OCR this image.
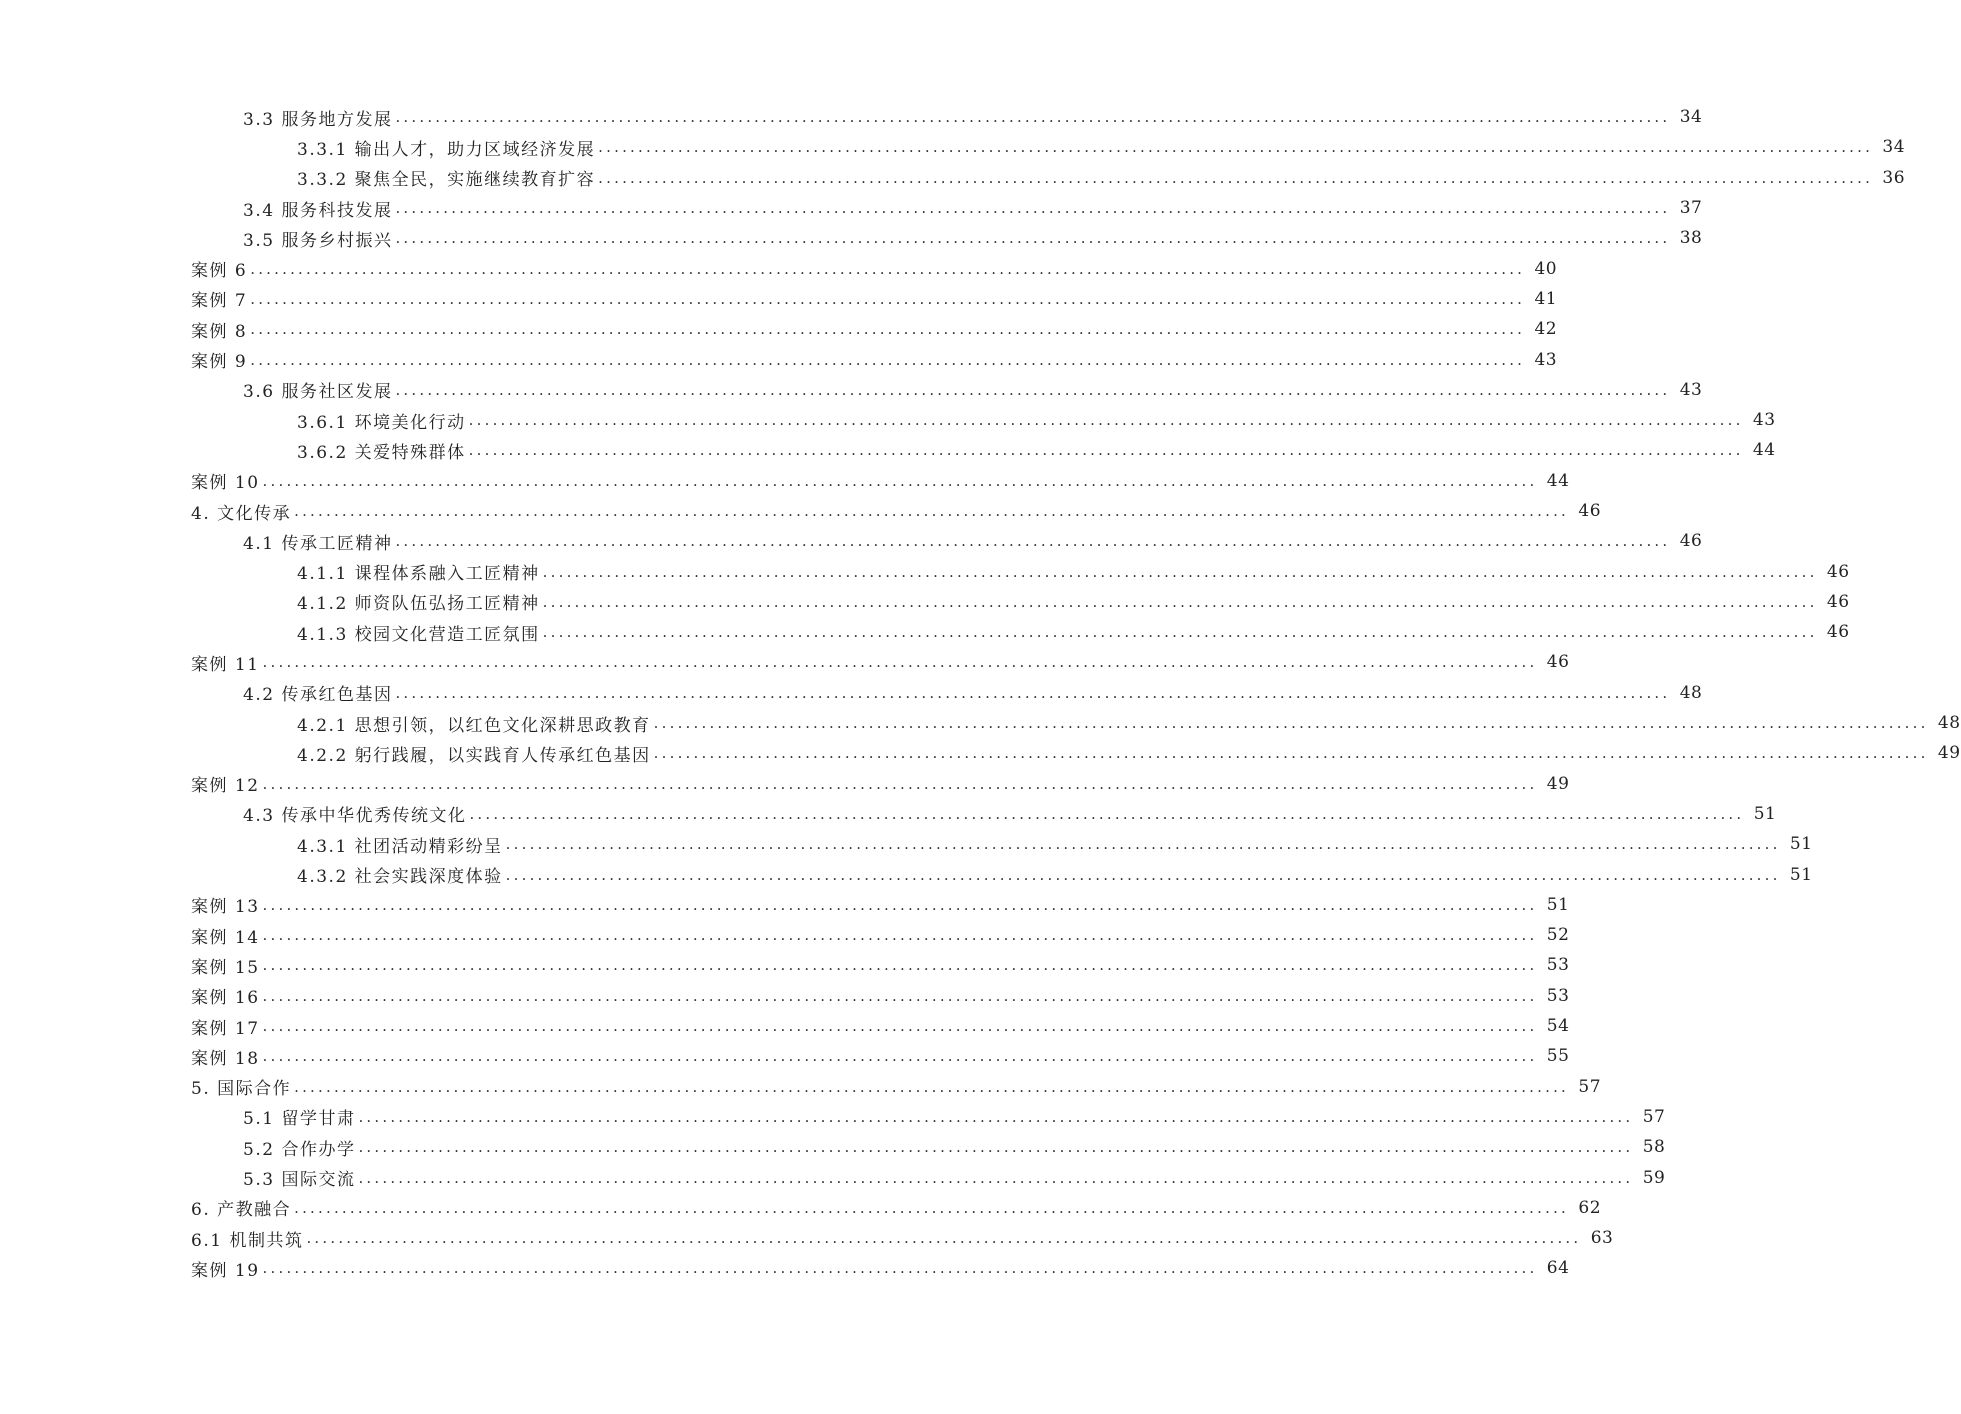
3.3 服务地方发展 ................................................................................................................................................................ 34
3.3.1 输出人才，助力区域经济发展 ................................................................................................................................................................ 34
3.3.2 聚焦全民，实施继续教育扩容 ................................................................................................................................................................ 36
3.4 服务科技发展 ................................................................................................................................................................ 37
3.5 服务乡村振兴 ................................................................................................................................................................ 38
案例 6 ................................................................................................................................................................ 40
案例 7 ................................................................................................................................................................ 41
案例 8 ................................................................................................................................................................ 42
案例 9 ................................................................................................................................................................ 43
3.6 服务社区发展 ................................................................................................................................................................ 43
3.6.1 环境美化行动 ................................................................................................................................................................ 43
3.6.2 关爱特殊群体 ................................................................................................................................................................ 44
案例 10 ................................................................................................................................................................ 44
4. 文化传承 ................................................................................................................................................................ 46
4.1 传承工匠精神 ................................................................................................................................................................ 46
4.1.1 课程体系融入工匠精神 ................................................................................................................................................................ 46
4.1.2 师资队伍弘扬工匠精神 ................................................................................................................................................................ 46
4.1.3 校园文化营造工匠氛围 ................................................................................................................................................................ 46
案例 11 ................................................................................................................................................................ 46
4.2 传承红色基因 ................................................................................................................................................................ 48
4.2.1 思想引领，以红色文化深耕思政教育 ................................................................................................................................................................ 48
4.2.2 躬行践履，以实践育人传承红色基因 ................................................................................................................................................................ 49
案例 12 ................................................................................................................................................................ 49
4.3 传承中华优秀传统文化 ................................................................................................................................................................ 51
4.3.1 社团活动精彩纷呈 ................................................................................................................................................................ 51
4.3.2 社会实践深度体验 ................................................................................................................................................................ 51
案例 13 ................................................................................................................................................................ 51
案例 14 ................................................................................................................................................................ 52
案例 15 ................................................................................................................................................................ 53
案例 16 ................................................................................................................................................................ 53
案例 17 ................................................................................................................................................................ 54
案例 18 ................................................................................................................................................................ 55
5. 国际合作 ................................................................................................................................................................ 57
5.1 留学甘肃 ................................................................................................................................................................ 57
5.2 合作办学 ................................................................................................................................................................ 58
5.3 国际交流 ................................................................................................................................................................ 59
6. 产教融合 ................................................................................................................................................................ 62
6.1 机制共筑 ................................................................................................................................................................ 63
案例 19 ................................................................................................................................................................ 64
